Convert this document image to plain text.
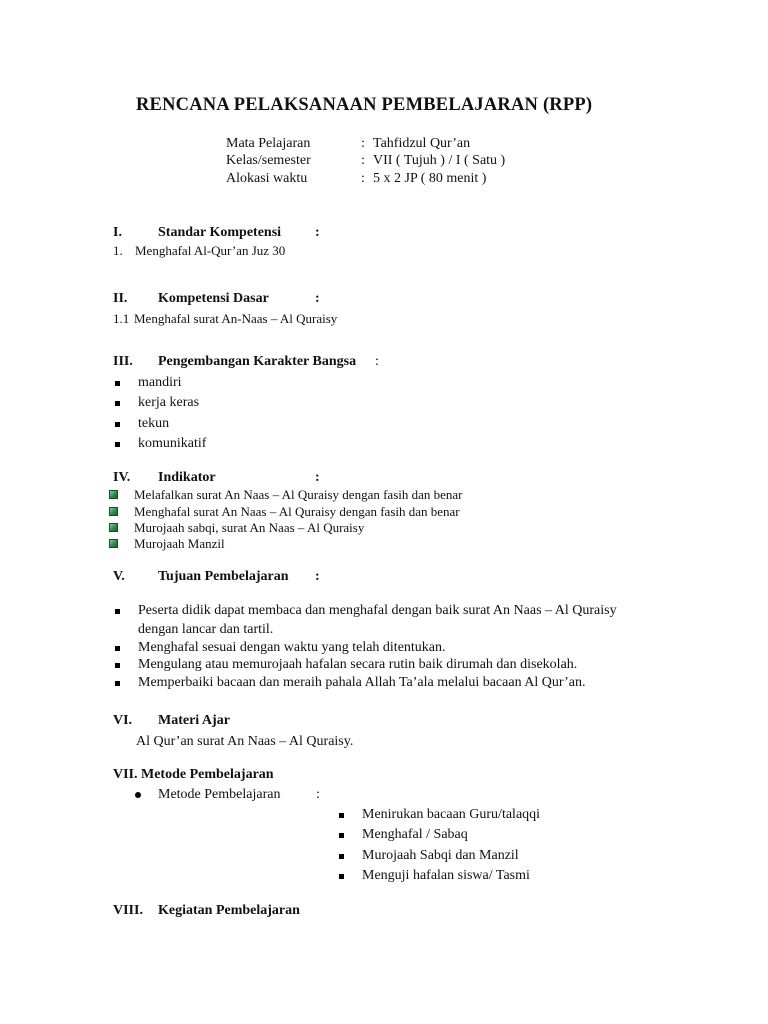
RENCANA PELAKSANAAN PEMBELAJARAN (RPP)
Mata Pelajaran	: Tahfidzul Qur’an
Kelas/semester	: VII ( Tujuh ) / I ( Satu )
Alokasi waktu	: 5 x 2 JP ( 80 menit )
I.	Standar Kompetensi :
1. Menghafal Al-Qur’an Juz 30
II. Kompetensi Dasar	:
1.1 Menghafal surat An-Naas – Al Quraisy
III. Pengembangan Karakter Bangsa :
mandiri
kerja keras
tekun
komunikatif
IV. Indikator	:
Melafalkan surat An Naas – Al Quraisy dengan fasih dan benar
Menghafal surat An Naas – Al Quraisy dengan fasih dan benar
Murojaah sabqi, surat An Naas – Al Quraisy
Murojaah Manzil
V. Tujuan Pembelajaran :
Peserta didik dapat membaca dan menghafal dengan baik surat An Naas – Al Quraisy
dengan lancar dan tartil.
Menghafal sesuai dengan waktu yang telah ditentukan.
Mengulang atau memurojaah hafalan secara rutin baik dirumah dan disekolah.
Memperbaiki bacaan dan meraih pahala Allah Ta’ala melalui bacaan Al Qur’an.
VI. Materi Ajar
Al Qur’an surat An Naas – Al Quraisy.
VII. Metode Pembelajaran
Metode Pembelajaran	:
Menirukan bacaan Guru/talaqqi
Menghafal / Sabaq
Murojaah Sabqi dan Manzil
Menguji hafalan siswa/ Tasmi
VIII. Kegiatan Pembelajaran
